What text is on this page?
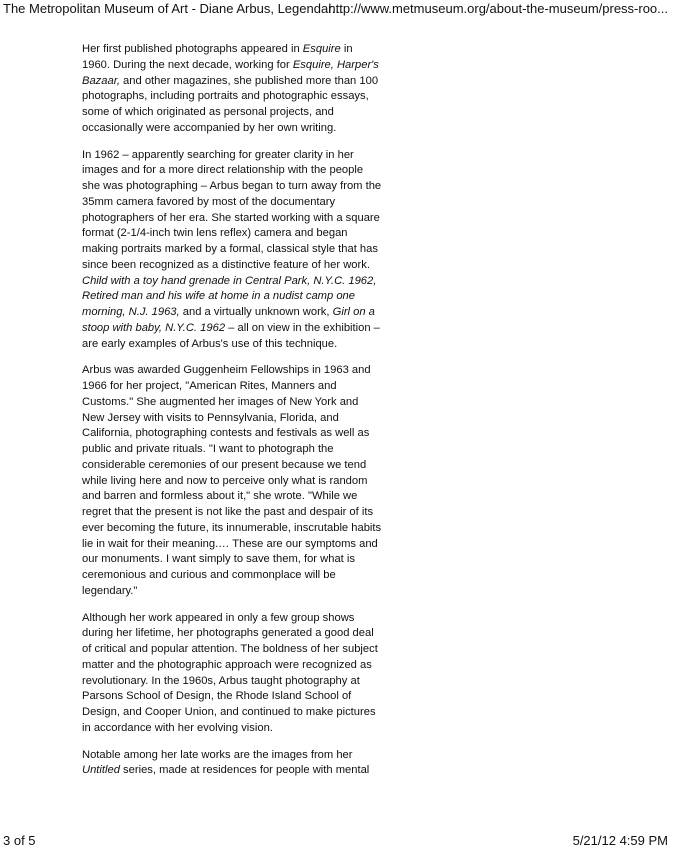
The Metropolitan Museum of Art - Diane Arbus, Legendar...
http://www.metmuseum.org/about-the-museum/press-roo...

Her first published photographs appeared in Esquire in 1960. During the next decade, working for Esquire, Harper's Bazaar, and other magazines, she published more than 100 photographs, including portraits and photographic essays, some of which originated as personal projects, and occasionally were accompanied by her own writing.

In 1962 – apparently searching for greater clarity in her images and for a more direct relationship with the people she was photographing – Arbus began to turn away from the 35mm camera favored by most of the documentary photographers of her era. She started working with a square format (2-1/4-inch twin lens reflex) camera and began making portraits marked by a formal, classical style that has since been recognized as a distinctive feature of her work. Child with a toy hand grenade in Central Park, N.Y.C. 1962, Retired man and his wife at home in a nudist camp one morning, N.J. 1963, and a virtually unknown work, Girl on a stoop with baby, N.Y.C. 1962 – all on view in the exhibition – are early examples of Arbus's use of this technique.

Arbus was awarded Guggenheim Fellowships in 1963 and 1966 for her project, "American Rites, Manners and Customs." She augmented her images of New York and New Jersey with visits to Pennsylvania, Florida, and California, photographing contests and festivals as well as public and private rituals. "I want to photograph the considerable ceremonies of our present because we tend while living here and now to perceive only what is random and barren and formless about it," she wrote. "While we regret that the present is not like the past and despair of its ever becoming the future, its innumerable, inscrutable habits lie in wait for their meaning.… These are our symptoms and our monuments. I want simply to save them, for what is ceremonious and curious and commonplace will be legendary."

Although her work appeared in only a few group shows during her lifetime, her photographs generated a good deal of critical and popular attention. The boldness of her subject matter and the photographic approach were recognized as revolutionary. In the 1960s, Arbus taught photography at Parsons School of Design, the Rhode Island School of Design, and Cooper Union, and continued to make pictures in accordance with her evolving vision.

Notable among her late works are the images from her Untitled series, made at residences for people with mental

3 of 5	5/21/12 4:59 PM
